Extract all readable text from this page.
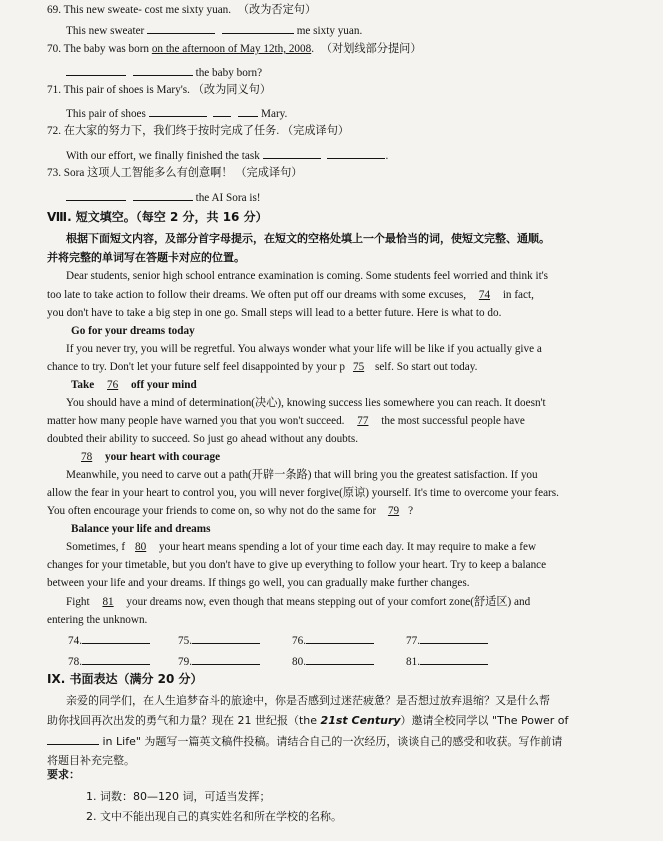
69. This new sweate- cost me sixty yuan. （改为否定句）
This new sweater	me sixty yuan.
70. The baby was born on the afternoon of May 12th, 2008. （对划线部分提问）
the baby born?
71. This pair of shoes is Mary's. （改为同义句）
This pair of shoes	Mary.
72. 在大家的努力下，我们终于按时完成了任务. （完成译句）
With our effort, we finally finished the task	.
73. Sora 这项人工智能多么有创意啊！ （完成译句）
the AI Sora is!
Ⅷ. 短文填空。（每空 2 分，共 16 分）
根据下面短文内容，及部分首字母提示，在短文的空格处填上一个最恰当的词，使短文完整、通顺。
并将完整的单词写在答题卡对应的位置。
Dear students, senior high school entrance examination is coming. Some students feel worried and think it's
too late to take action to follow their dreams. We often put off our dreams with some excuses, 74 in fact,
you don't have to take a big step in one go. Small steps will lead to a better future. Here is what to do.
Go for your dreams today
If you never try, you will be regretful. You always wonder what your life will be like if you actually give a
chance to try. Don't let your future self feel disappointed by your p 75 self. So start out today.
Take 76 off your mind
You should have a mind of determination(决心), knowing success lies somewhere you can reach. It doesn't
matter how many people have warned you that you won't succeed. 77 the most successful people have
doubted their ability to succeed. So just go ahead without any doubts.
78 your heart with courage
Meanwhile, you need to carve out a path(开辟一条路) that will bring you the greatest satisfaction. If you
allow the fear in your heart to control you, you will never forgive(原谅) yourself. It's time to overcome your fears.
You often encourage your friends to come on, so why not do the same for 79 ?
Balance your life and dreams
Sometimes, f 80 your heart means spending a lot of your time each day. It may require to make a few
changes for your timetable, but you don't have to give up everything to follow your heart. Try to keep a balance
between your life and your dreams. If things go well, you can gradually make further changes.
Fight 81 your dreams now, even though that means stepping out of your comfort zone(舒适区) and
entering the unknown.
74.	75.	76.	77.
78.	79.	80.	81.
IX. 书面表达（满分 20 分）
亲爱的同学们，在人生追梦奋斗的旅途中，你是否感到过迷茫疲惫？是否想过放弃退缩？又是什么帮
助你找回再次出发的勇气和力量？现在 21 世纪报（the 21st Century）邀请全校同学以 "The Power of
in Life" 为题写一篇英文稿件投稿。请结合自己的一次经历，谈谈自己的感受和收获。写作前请
将题目补充完整。
要求：
1. 词数：80—120 词，可适当发挥；
2. 文中不能出现自己的真实姓名和所在学校的名称。
